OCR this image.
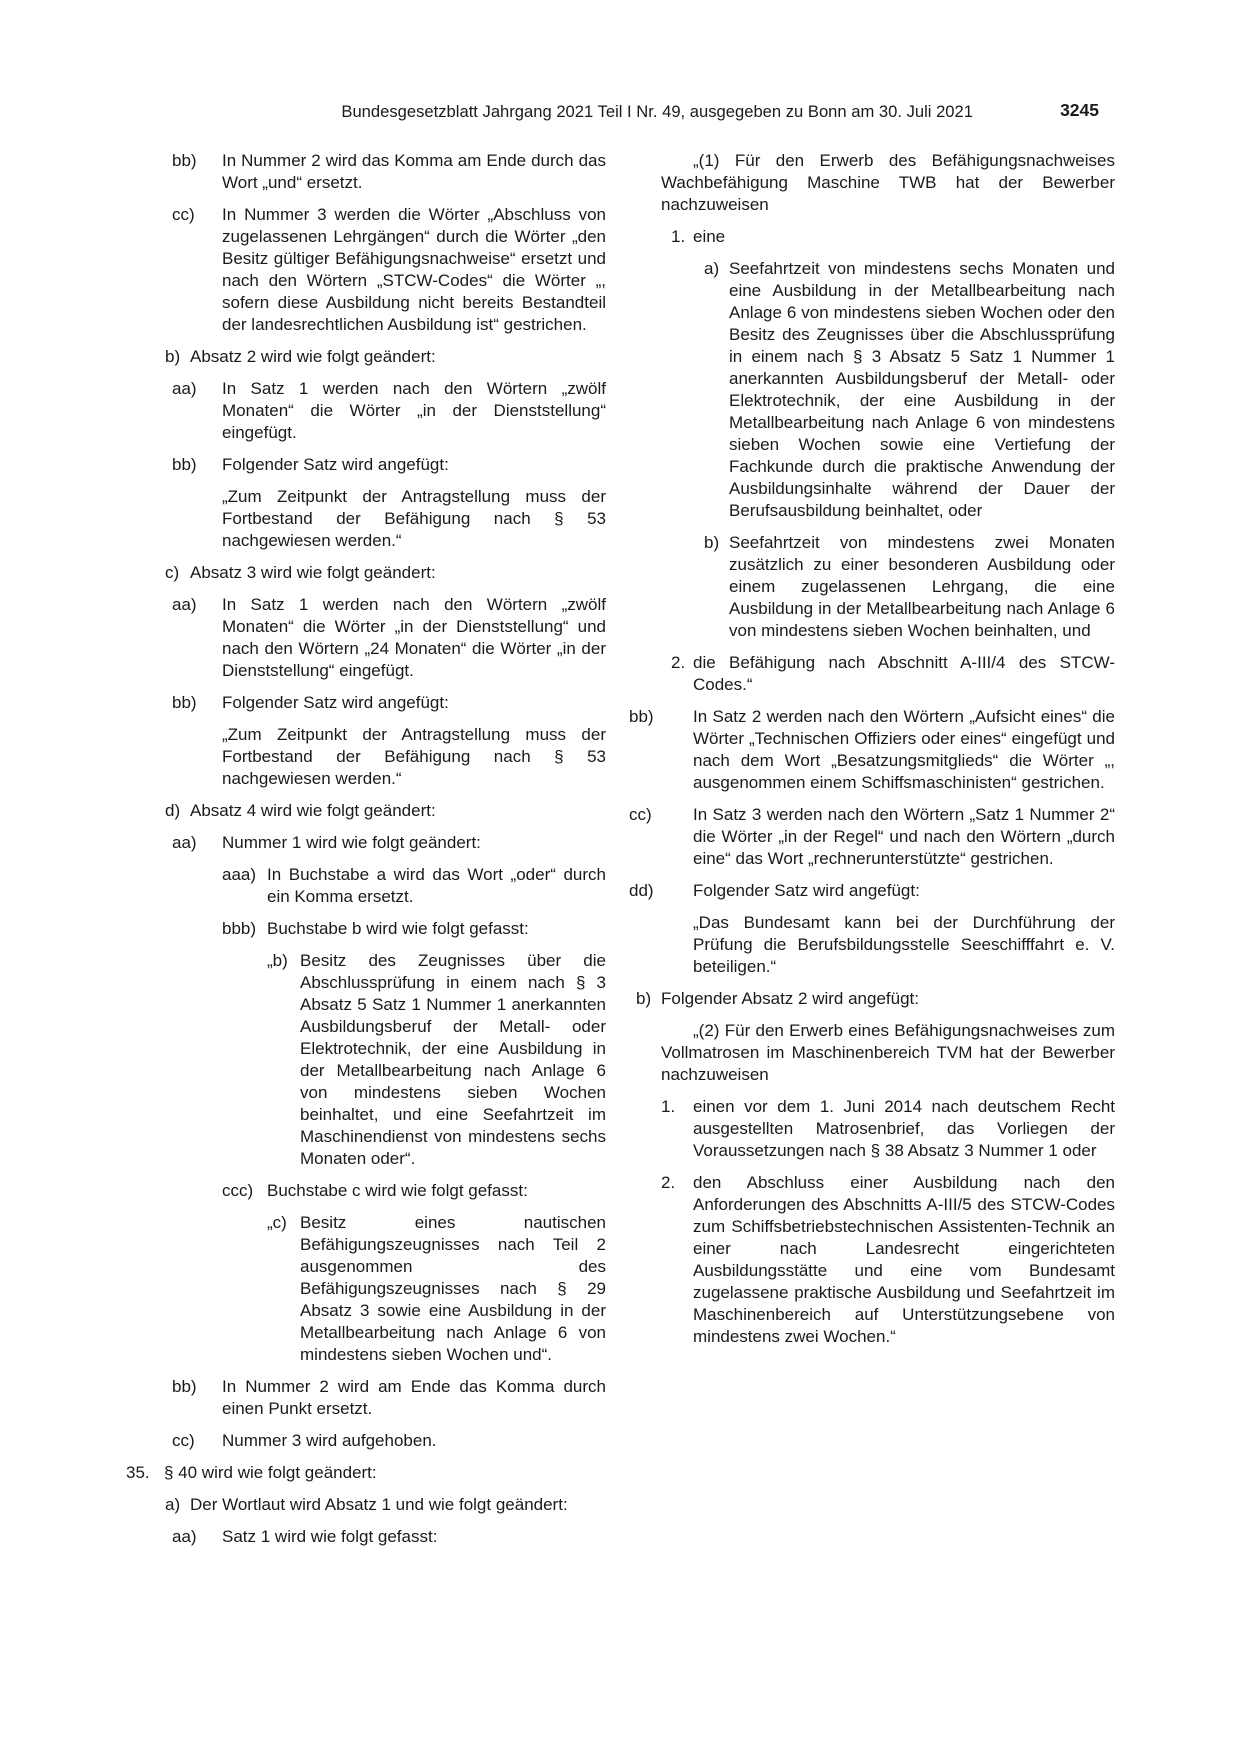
Bundesgesetzblatt Jahrgang 2021 Teil I Nr. 49, ausgegeben zu Bonn am 30. Juli 2021	3245
bb) In Nummer 2 wird das Komma am Ende durch das Wort „und“ ersetzt.
cc) In Nummer 3 werden die Wörter „Abschluss von zugelassenen Lehrgängen“ durch die Wörter „den Besitz gültiger Befähigungsnachweise“ ersetzt und nach den Wörtern „STCW-Codes“ die Wörter „, sofern diese Ausbildung nicht bereits Bestandteil der landesrechtlichen Ausbildung ist“ gestrichen.
b) Absatz 2 wird wie folgt geändert:
aa) In Satz 1 werden nach den Wörtern „zwölf Monaten“ die Wörter „in der Dienststellung“ eingefügt.
bb) Folgender Satz wird angefügt:
„Zum Zeitpunkt der Antragstellung muss der Fortbestand der Befähigung nach § 53 nachgewiesen werden.“
c) Absatz 3 wird wie folgt geändert:
aa) In Satz 1 werden nach den Wörtern „zwölf Monaten“ die Wörter „in der Dienststellung“ und nach den Wörtern „24 Monaten“ die Wörter „in der Dienststellung“ eingefügt.
bb) Folgender Satz wird angefügt:
„Zum Zeitpunkt der Antragstellung muss der Fortbestand der Befähigung nach § 53 nachgewiesen werden.“
d) Absatz 4 wird wie folgt geändert:
aa) Nummer 1 wird wie folgt geändert:
aaa) In Buchstabe a wird das Wort „oder“ durch ein Komma ersetzt.
bbb) Buchstabe b wird wie folgt gefasst:
„b) Besitz des Zeugnisses über die Abschlussprüfung in einem nach § 3 Absatz 5 Satz 1 Nummer 1 anerkannten Ausbildungsberuf der Metall- oder Elektrotechnik, der eine Ausbildung in der Metallbearbeitung nach Anlage 6 von mindestens sieben Wochen beinhaltet, und eine Seefahrtzeit im Maschinendienst von mindestens sechs Monaten oder“.
ccc) Buchstabe c wird wie folgt gefasst:
„c) Besitz eines nautischen Befähigungszeugnisses nach Teil 2 ausgenommen des Befähigungszeugnisses nach § 29 Absatz 3 sowie eine Ausbildung in der Metallbearbeitung nach Anlage 6 von mindestens sieben Wochen und“.
bb) In Nummer 2 wird am Ende das Komma durch einen Punkt ersetzt.
cc) Nummer 3 wird aufgehoben.
35. § 40 wird wie folgt geändert:
a) Der Wortlaut wird Absatz 1 und wie folgt geändert:
aa) Satz 1 wird wie folgt gefasst:
„(1) Für den Erwerb des Befähigungsnachweises Wachbefähigung Maschine TWB hat der Bewerber nachzuweisen
1. eine
a) Seefahrtzeit von mindestens sechs Monaten und eine Ausbildung in der Metallbearbeitung nach Anlage 6 von mindestens sieben Wochen oder den Besitz des Zeugnisses über die Abschlussprüfung in einem nach § 3 Absatz 5 Satz 1 Nummer 1 anerkannten Ausbildungsberuf der Metall- oder Elektrotechnik, der eine Ausbildung in der Metallbearbeitung nach Anlage 6 von mindestens sieben Wochen sowie eine Vertiefung der Fachkunde durch die praktische Anwendung der Ausbildungsinhalte während der Dauer der Berufsausbildung beinhaltet, oder
b) Seefahrtzeit von mindestens zwei Monaten zusätzlich zu einer besonderen Ausbildung oder einem zugelassenen Lehrgang, die eine Ausbildung in der Metallbearbeitung nach Anlage 6 von mindestens sieben Wochen beinhalten, und
2. die Befähigung nach Abschnitt A-III/4 des STCW-Codes.“
bb) In Satz 2 werden nach den Wörtern „Aufsicht eines“ die Wörter „Technischen Offiziers oder eines“ eingefügt und nach dem Wort „Besatzungsmitglieds“ die Wörter „, ausgenommen einem Schiffsmaschinisten“ gestrichen.
cc) In Satz 3 werden nach den Wörtern „Satz 1 Nummer 2“ die Wörter „in der Regel“ und nach den Wörtern „durch eine“ das Wort „rechnerunterstützte“ gestrichen.
dd) Folgender Satz wird angefügt:
„Das Bundesamt kann bei der Durchführung der Prüfung die Berufsbildungsstelle Seeschifffahrt e. V. beteiligen.“
b) Folgender Absatz 2 wird angefügt:
„(2) Für den Erwerb eines Befähigungsnachweises zum Vollmatrosen im Maschinenbereich TVM hat der Bewerber nachzuweisen
1. einen vor dem 1. Juni 2014 nach deutschem Recht ausgestellten Matrosenbrief, das Vorliegen der Voraussetzungen nach § 38 Absatz 3 Nummer 1 oder
2. den Abschluss einer Ausbildung nach den Anforderungen des Abschnitts A-III/5 des STCW-Codes zum Schiffsbetriebstechnischen Assistenten-Technik an einer nach Landesrecht eingerichteten Ausbildungsstätte und eine vom Bundesamt zugelassene praktische Ausbildung und Seefahrtzeit im Maschinenbereich auf Unterstützungsebene von mindestens zwei Wochen.“
